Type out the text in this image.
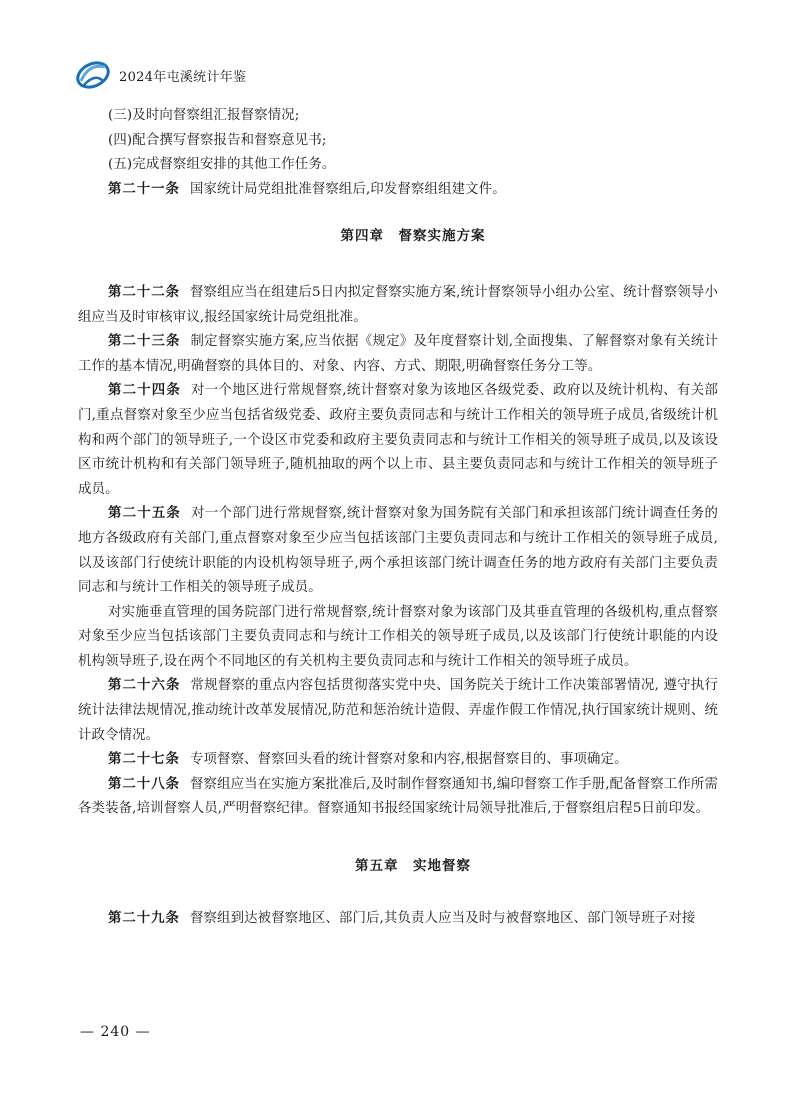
2024年屯溪统计年鉴

(三)及时向督察组汇报督察情况;

(四)配合撰写督察报告和督察意见书;

(五)完成督察组安排的其他工作任务。

第二十一条 国家统计局党组批准督察组后,印发督察组组建文件。

第四章　督察实施方案

第二十二条 督察组应当在组建后5日内拟定督察实施方案,统计督察领导小组办公室、统计督察领导小组应当及时审核审议,报经国家统计局党组批准。

第二十三条 制定督察实施方案,应当依据《规定》及年度督察计划,全面搜集、了解督察对象有关统计工作的基本情况,明确督察的具体目的、对象、内容、方式、期限,明确督察任务分工等。

第二十四条 对一个地区进行常规督察,统计督察对象为该地区各级党委、政府以及统计机构、有关部门,重点督察对象至少应当包括省级党委、政府主要负责同志和与统计工作相关的领导班子成员,省级统计机构和两个部门的领导班子,一个设区市党委和政府主要负责同志和与统计工作相关的领导班子成员,以及该设区市统计机构和有关部门领导班子,随机抽取的两个以上市、县主要负责同志和与统计工作相关的领导班子成员。

第二十五条 对一个部门进行常规督察,统计督察对象为国务院有关部门和承担该部门统计调查任务的地方各级政府有关部门,重点督察对象至少应当包括该部门主要负责同志和与统计工作相关的领导班子成员,以及该部门行使统计职能的内设机构领导班子,两个承担该部门统计调查任务的地方政府有关部门主要负责同志和与统计工作相关的领导班子成员。

对实施垂直管理的国务院部门进行常规督察,统计督察对象为该部门及其垂直管理的各级机构,重点督察对象至少应当包括该部门主要负责同志和与统计工作相关的领导班子成员,以及该部门行使统计职能的内设机构领导班子,设在两个不同地区的有关机构主要负责同志和与统计工作相关的领导班子成员。

第二十六条 常规督察的重点内容包括贯彻落实党中央、国务院关于统计工作决策部署情况, 遵守执行统计法律法规情况,推动统计改革发展情况,防范和惩治统计造假、弄虚作假工作情况,执行国家统计规则、统计政令情况。

第二十七条 专项督察、督察回头看的统计督察对象和内容,根据督察目的、事项确定。

第二十八条 督察组应当在实施方案批准后,及时制作督察通知书,编印督察工作手册,配备督察工作所需各类装备,培训督察人员,严明督察纪律。督察通知书报经国家统计局领导批准后,于督察组启程5日前印发。

第五章　实地督察

第二十九条 督察组到达被督察地区、部门后,其负责人应当及时与被督察地区、部门领导班子对接

— 240 —
